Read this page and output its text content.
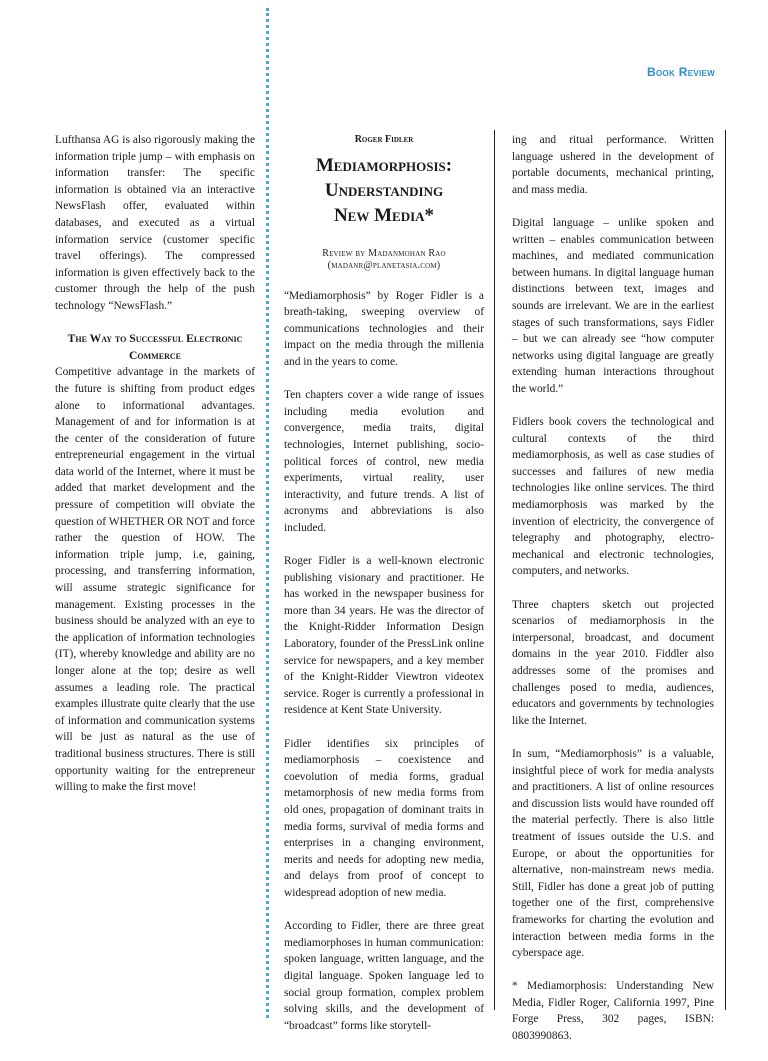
Book Review

Lufthansa AG is also rigorously making the information triple jump – with emphasis on information transfer: The specific information is obtained via an interactive NewsFlash offer, evaluated within databases, and executed as a virtual information service (customer specific travel offerings). The compressed information is given effectively back to the customer through the help of the push technology “NewsFlash.”

The Way to Successful Electronic Commerce

Competitive advantage in the markets of the future is shifting from product edges alone to informational advantages. Management of and for information is at the center of the consideration of future entrepreneurial engagement in the virtual data world of the Internet, where it must be added that market development and the pressure of competition will obviate the question of WHETHER OR NOT and force rather the question of HOW. The information triple jump, i.e, gaining, processing, and transferring information, will assume strategic significance for management. Existing processes in the business should be analyzed with an eye to the application of information technologies (IT), whereby knowledge and ability are no longer alone at the top; desire as well assumes a leading role. The practical examples illustrate quite clearly that the use of information and communication systems will be just as natural as the use of traditional business structures. There is still opportunity waiting for the entrepreneur willing to make the first move!

Roger Fidler
Mediamorphosis:
Understanding
New Media*
Review by Madanmohan Rao
(madanr@planetasia.com)

“Mediamorphosis” by Roger Fidler is a breath-taking, sweeping overview of communications technologies and their impact on the media through the millenia and in the years to come.

Ten chapters cover a wide range of issues including media evolution and convergence, media traits, digital technologies, Internet publishing, socio-political forces of control, new media experiments, virtual reality, user interactivity, and future trends. A list of acronyms and abbreviations is also included.

Roger Fidler is a well-known electronic publishing visionary and practitioner. He has worked in the newspaper business for more than 34 years. He was the director of the Knight-Ridder Information Design Laboratory, founder of the PressLink online service for newspapers, and a key member of the Knight-Ridder Viewtron videotex service. Roger is currently a professional in residence at Kent State University.

Fidler identifies six principles of mediamorphosis – coexistence and coevolution of media forms, gradual metamorphosis of new media forms from old ones, propagation of dominant traits in media forms, survival of media forms and enterprises in a changing environment, merits and needs for adopting new media, and delays from proof of concept to widespread adoption of new media.

According to Fidler, there are three great mediamorphoses in human communication: spoken language, written language, and the digital language. Spoken language led to social group formation, complex problem solving skills, and the development of “broadcast” forms like storytell-

ing and ritual performance. Written language ushered in the development of portable documents, mechanical printing, and mass media.

Digital language – unlike spoken and written – enables communication between machines, and mediated communication between humans. In digital language human distinctions between text, images and sounds are irrelevant. We are in the earliest stages of such transformations, says Fidler – but we can already see “how computer networks using digital language are greatly extending human interactions throughout the world.”

Fidlers book covers the technological and cultural contexts of the third mediamorphosis, as well as case studies of successes and failures of new media technologies like online services. The third mediamorphosis was marked by the invention of electricity, the convergence of telegraphy and photography, electro-mechanical and electronic technologies, computers, and networks.

Three chapters sketch out projected scenarios of mediamorphosis in the interpersonal, broadcast, and document domains in the year 2010. Fiddler also addresses some of the promises and challenges posed to media, audiences, educators and governments by technologies like the Internet.

In sum, “Mediamorphosis” is a valuable, insightful piece of work for media analysts and practitioners. A list of online resources and discussion lists would have rounded off the material perfectly. There is also little treatment of issues outside the U.S. and Europe, or about the opportunities for alternative, non-mainstream news media. Still, Fidler has done a great job of putting together one of the first, comprehensive frameworks for charting the evolution and interaction between media forms in the cyberspace age.

* Mediamorphosis: Understanding New Media, Fidler Roger, California 1997, Pine Forge Press, 302 pages, ISBN: 0803990863.
